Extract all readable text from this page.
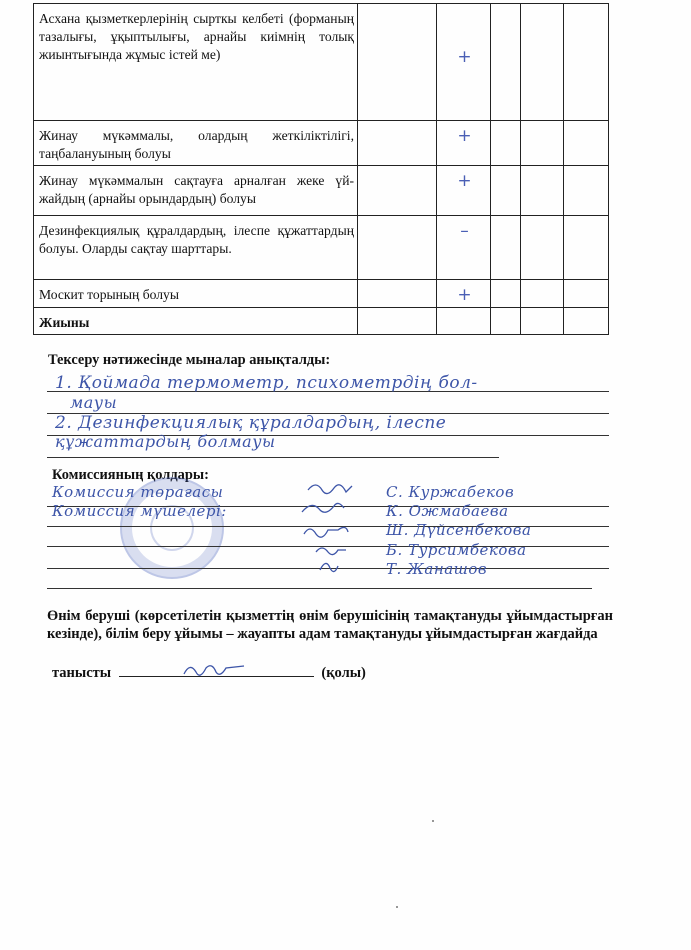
Асхана қызметкерлерінің сырткы келбеті (форманың тазалығы, ұқыптылығы, арнайы киімнің толық жиынтығында жұмыс істей ме)		+			
Жинау мүкәммалы, олардың жеткіліктілігі, таңбалануының болуы		+			
Жинау мүкәммалын сақтауға арналған жеке үй-жайдың (арнайы орындардың) болуы		+			
Дезинфекциялық құралдардың, ілеспе құжаттардың болуы. Оларды сақтау шарттары.		–			
Москит торының болуы		+			
Жиыны					
Тексеру нәтижесінде мыналар анықталды:
1. Қоймада термометр, психометрдің бол-
мауы
2. Дезинфекциялық құралдардың, ілеспе
құжаттардың болмауы
Комиссияның қолдары:
Комиссия төрағасы
Комиссия мүшелері:
С. Куржабеков
К. Ожмабаева
Ш. Дүйсенбекова
Б. Турсимбекова
Т. Жанашов
Өнім беруші (көрсетілетін қызметтің өнім берушісінің тамақтануды ұйымдастырған кезінде), білім беру ұйымы – жауапты адам тамақтануды ұйымдастырған жағдайда
танысты	(қолы)
